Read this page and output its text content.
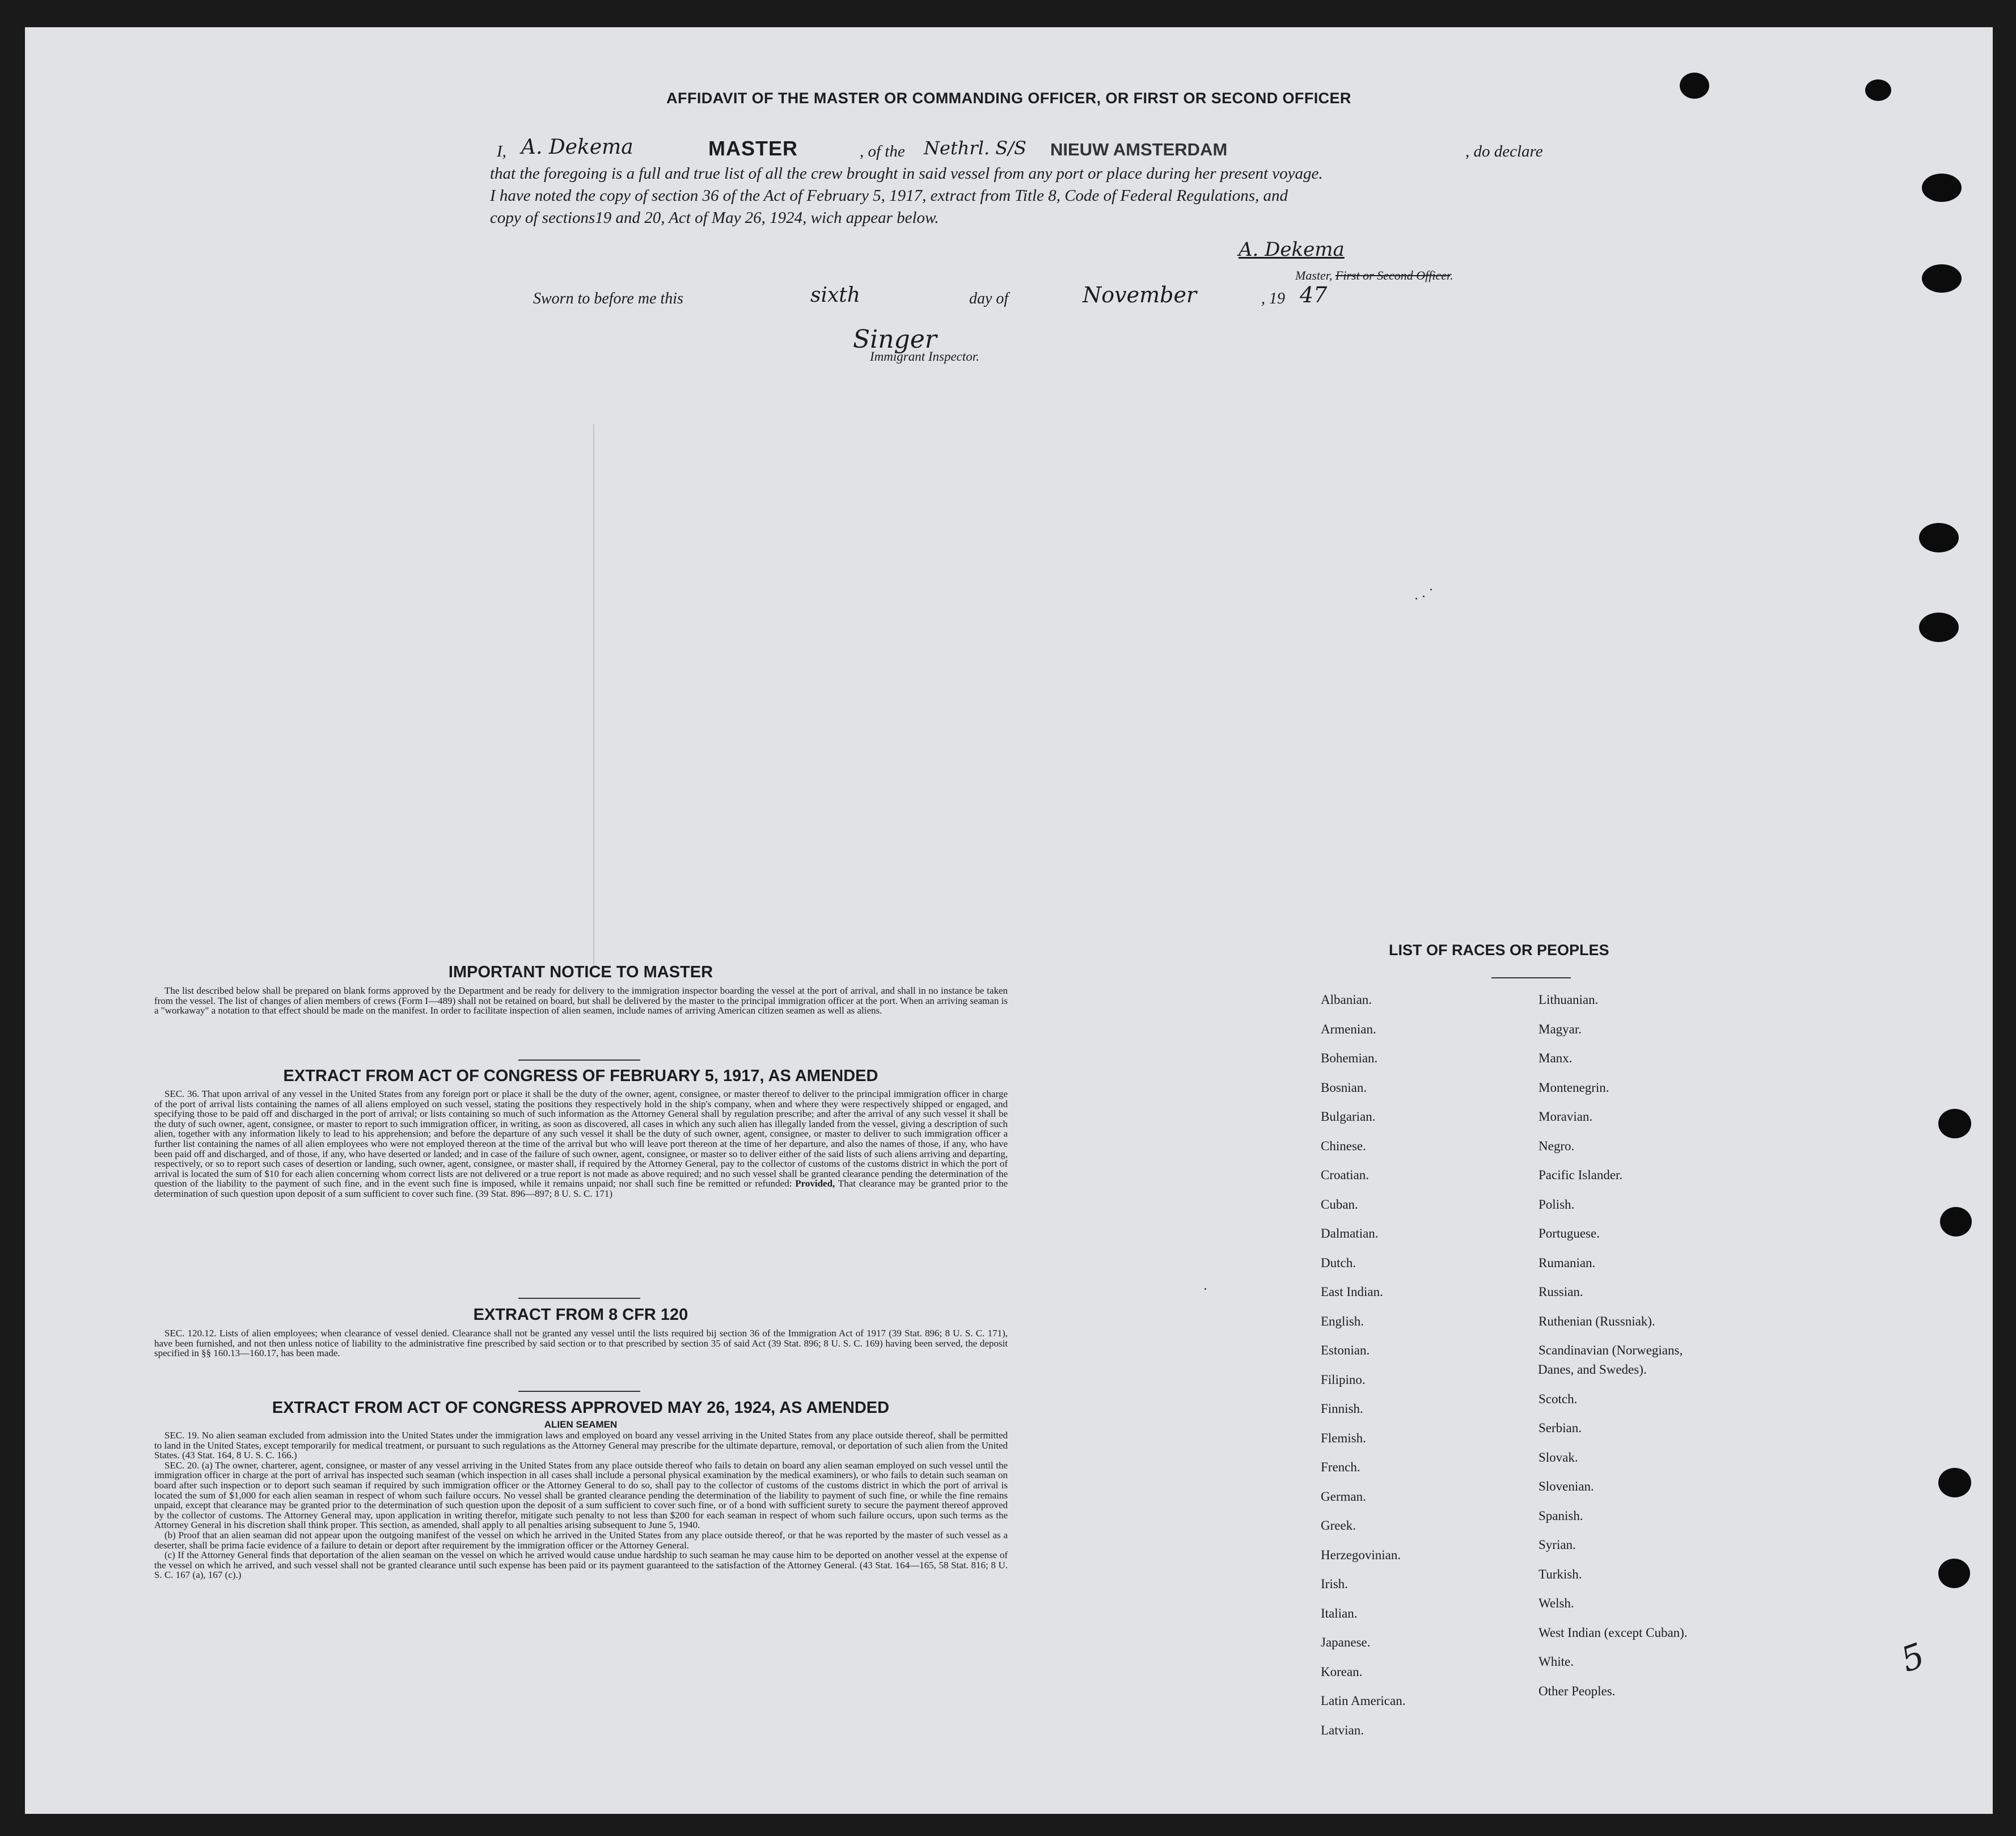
AFFIDAVIT OF THE MASTER OR COMMANDING OFFICER, OR FIRST OR SECOND OFFICER
I, A. Dekema	MASTER	, of the Nethrl. S/S NIEUW AMSTERDAM	, do declare
that the foregoing is a full and true list of all the crew brought in said vessel from any port or place during her present voyage.
I have noted the copy of section 36 of the Act of February 5, 1917, extract from Title 8, Code of Federal Regulations, and
copy of sections19 and 20, Act of May 26, 1924, wich appear below.
A. Dekema
Master, First or Second Officer.
Sworn to before me this	sixth	day of	November	, 19 47
Singer
Immigrant Inspector.
IMPORTANT NOTICE TO MASTER

The list described below shall be prepared on blank forms approved by the Department and be ready for delivery to the immigration inspector boarding the vessel at the port of arrival, and shall in no instance be taken from the vessel. The list of changes of alien members of crews (Form I—489) shall not be retained on board, but shall be delivered by the master to the principal immigration officer at the port. When an arriving seaman is a "workaway" a notation to that effect should be made on the manifest. In order to facilitate inspection of alien seamen, include names of arriving American citizen seamen as well as aliens.

EXTRACT FROM ACT OF CONGRESS OF FEBRUARY 5, 1917, AS AMENDED

SEC. 36. That upon arrival of any vessel in the United States from any foreign port or place it shall be the duty of the owner, agent, consignee, or master thereof to deliver to the principal immigration officer in charge of the port of arrival lists containing the names of all aliens employed on such vessel, stating the positions they respectively hold in the ship's company, when and where they were respectively shipped or engaged, and specifying those to be paid off and discharged in the port of arrival; or lists containing so much of such information as the Attorney General shall by regulation prescribe; and after the arrival of any such vessel it shall be the duty of such owner, agent, consignee, or master to report to such immigration officer, in writing, as soon as discovered, all cases in which any such alien has illegally landed from the vessel, giving a description of such alien, together with any information likely to lead to his apprehension; and before the departure of any such vessel it shall be the duty of such owner, agent, consignee, or master to deliver to such immigration officer a further list containing the names of all alien employees who were not employed thereon at the time of the arrival but who will leave port thereon at the time of her departure, and also the names of those, if any, who have been paid off and discharged, and of those, if any, who have deserted or landed; and in case of the failure of such owner, agent, consignee, or master so to deliver either of the said lists of such aliens arriving and departing, respectively, or so to report such cases of desertion or landing, such owner, agent, consignee, or master shall, if required by the Attorney General, pay to the collector of customs of the customs district in which the port of arrival is located the sum of $10 for each alien concerning whom correct lists are not delivered or a true report is not made as above required; and no such vessel shall be granted clearance pending the determination of the question of the liability to the payment of such fine, and in the event such fine is imposed, while it remains unpaid; nor shall such fine be remitted or refunded: Provided, That clearance may be granted prior to the determination of such question upon deposit of a sum sufficient to cover such fine. (39 Stat. 896—897; 8 U. S. C. 171)

EXTRACT FROM 8 CFR 120

SEC. 120.12. Lists of alien employees; when clearance of vessel denied. Clearance shall not be granted any vessel until the lists required bij section 36 of the Immigration Act of 1917 (39 Stat. 896; 8 U. S. C. 171), have been furnished, and not then unless notice of liability to the administrative fine prescribed by said section or to that prescribed by section 35 of said Act (39 Stat. 896; 8 U. S. C. 169) having been served, the deposit specified in §§ 160.13—160.17, has been made.

EXTRACT FROM ACT OF CONGRESS APPROVED MAY 26, 1924, AS AMENDED
ALIEN SEAMEN

SEC. 19. No alien seaman excluded from admission into the United States under the immigration laws and employed on board any vessel arriving in the United States from any place outside thereof, shall be permitted to land in the United States, except temporarily for medical treatment, or pursuant to such regulations as the Attorney General may prescribe for the ultimate departure, removal, or deportation of such alien from the United States. (43 Stat. 164, 8 U. S. C. 166.)

SEC. 20. (a) The owner, charterer, agent, consignee, or master of any vessel arriving in the United States from any place outside thereof who fails to detain on board any alien seaman employed on such vessel until the immigration officer in charge at the port of arrival has inspected such seaman (which inspection in all cases shall include a personal physical examination by the medical examiners), or who fails to detain such seaman on board after such inspection or to deport such seaman if required by such immigration officer or the Attorney General to do so, shall pay to the collector of customs of the customs district in which the port of arrival is located the sum of $1,000 for each alien seaman in respect of whom such failure occurs. No vessel shall be granted clearance pending the determination of the liability to payment of such fine, or while the fine remains unpaid, except that clearance may be granted prior to the determination of such question upon the deposit of a sum sufficient to cover such fine, or of a bond with sufficient surety to secure the payment thereof approved by the collector of customs. The Attorney General may, upon application in writing therefor, mitigate such penalty to not less than $200 for each seaman in respect of whom such failure occurs, upon such terms as the Attorney General in his discretion shall think proper. This section, as amended, shall apply to all penalties arising subsequent to June 5, 1940.

(b) Proof that an alien seaman did not appear upon the outgoing manifest of the vessel on which he arrived in the United States from any place outside thereof, or that he was reported by the master of such vessel as a deserter, shall be prima facie evidence of a failure to detain or deport after requirement by the immigration officer or the Attorney General.

(c) If the Attorney General finds that deportation of the alien seaman on the vessel on which he arrived would cause undue hardship to such seaman he may cause him to be deported on another vessel at the expense of the vessel on which he arrived, and such vessel shall not be granted clearance until such expense has been paid or its payment guaranteed to the satisfaction of the Attorney General. (43 Stat. 164—165, 58 Stat. 816; 8 U. S. C. 167 (a), 167 (c).)

LIST OF RACES OR PEOPLES
5
Albanian.
Armenian.
Bohemian.
Bosnian.
Bulgarian.
Chinese.
Croatian.
Cuban.
Dalmatian.
Dutch.
East Indian.
English.
Estonian.
Filipino.
Finnish.
Flemish.
French.
German.
Greek.
Herzegovinian.
Irish.
Italian.
Japanese.
Korean.
Latin American.
Latvian.
Lithuanian.
Magyar.
Manx.
Montenegrin.
Moravian.
Negro.
Pacific Islander.
Polish.
Portuguese.
Rumanian.
Russian.
Ruthenian (Russniak).
Scandinavian (Norwegians,
Danes, and Swedes).
Scotch.
Serbian.
Slovak.
Slovenian.
Spanish.
Syrian.
Turkish.
Welsh.
West Indian (except Cuban).
White.
Other Peoples.
